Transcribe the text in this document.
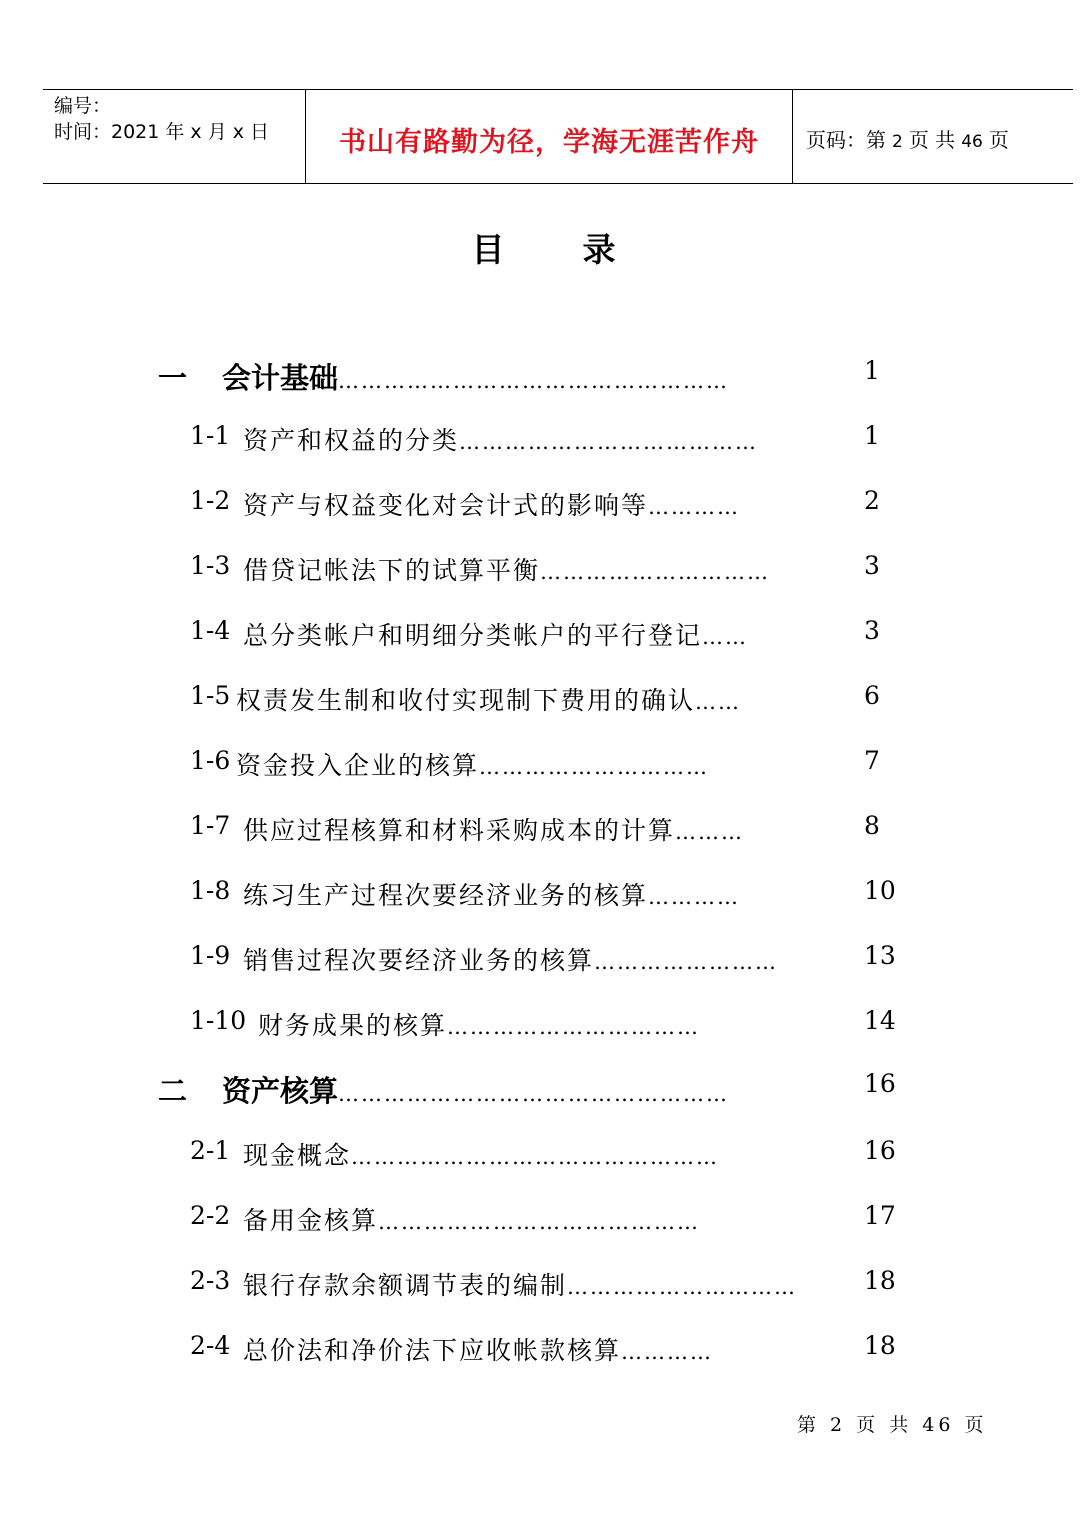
编号：
时间：2021 年 x 月 x 日	书山有路勤为径，学海无涯苦作舟	页码：第 2 页 共 46 页
目录
一 会计基础……………………………………………	1
1-1 资产和权益的分类…………………………………	1
1-2 资产与权益变化对会计式的影响等…………	2
1-3 借贷记帐法下的试算平衡…………………………	3
1-4 总分类帐户和明细分类帐户的平行登记……	3
1-5 权责发生制和收付实现制下费用的确认……	6
1-6 资金投入企业的核算…………………………	7
1-7 供应过程核算和材料采购成本的计算………	8
1-8 练习生产过程次要经济业务的核算…………	10
1-9 销售过程次要经济业务的核算……………………	13
1-10 财务成果的核算……………………………	14
二 资产核算……………………………………………	16
2-1 现金概念…………………………………………	16
2-2 备用金核算……………………………………	17
2-3 银行存款余额调节表的编制…………………………	18
2-4 总价法和净价法下应收帐款核算…………	18
第 2 页 共 46 页
